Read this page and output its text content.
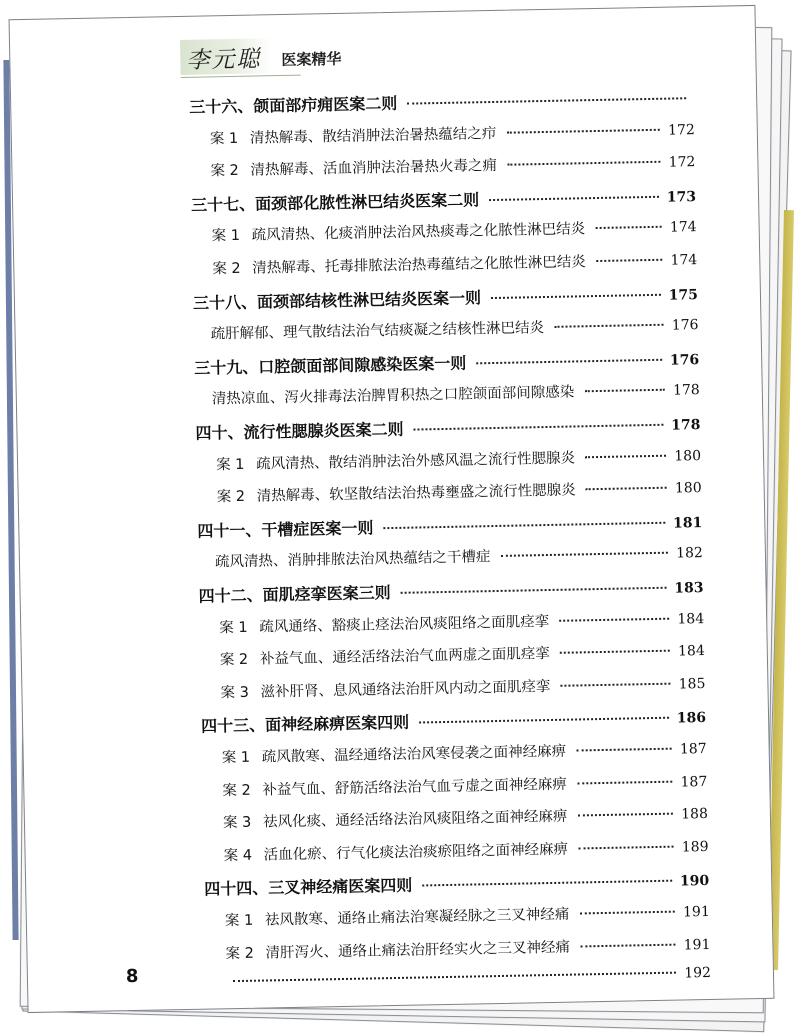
李元聪	医案精华
三十六、颌面部疖痈医案二则
案 1 清热解毒、散结消肿法治暑热蕴结之疖	172
案 2 清热解毒、活血消肿法治暑热火毒之痈	172
三十七、面颈部化脓性淋巴结炎医案二则	173
案 1 疏风清热、化痰消肿法治风热痰毒之化脓性淋巴结炎	174
案 2 清热解毒、托毒排脓法治热毒蕴结之化脓性淋巴结炎	174
三十八、面颈部结核性淋巴结炎医案一则	175
疏肝解郁、理气散结法治气结痰凝之结核性淋巴结炎	176
三十九、口腔颌面部间隙感染医案一则	176
清热凉血、泻火排毒法治脾胃积热之口腔颌面部间隙感染	178
四十、流行性腮腺炎医案二则	178
案 1 疏风清热、散结消肿法治外感风温之流行性腮腺炎	180
案 2 清热解毒、软坚散结法治热毒壅盛之流行性腮腺炎	180
四十一、干槽症医案一则	181
疏风清热、消肿排脓法治风热蕴结之干槽症	182
四十二、面肌痉挛医案三则	183
案 1 疏风通络、豁痰止痉法治风痰阻络之面肌痉挛	184
案 2 补益气血、通经活络法治气血两虚之面肌痉挛	184
案 3 滋补肝肾、息风通络法治肝风内动之面肌痉挛	185
四十三、面神经麻痹医案四则	186
案 1 疏风散寒、温经通络法治风寒侵袭之面神经麻痹	187
案 2 补益气血、舒筋活络法治气血亏虚之面神经麻痹	187
案 3 祛风化痰、通经活络法治风痰阻络之面神经麻痹	188
案 4 活血化瘀、行气化痰法治痰瘀阻络之面神经麻痹	189
四十四、三叉神经痛医案四则	190
案 1 祛风散寒、通络止痛法治寒凝经脉之三叉神经痛	191
案 2 清肝泻火、通络止痛法治肝经实火之三叉神经痛	191
192
8
